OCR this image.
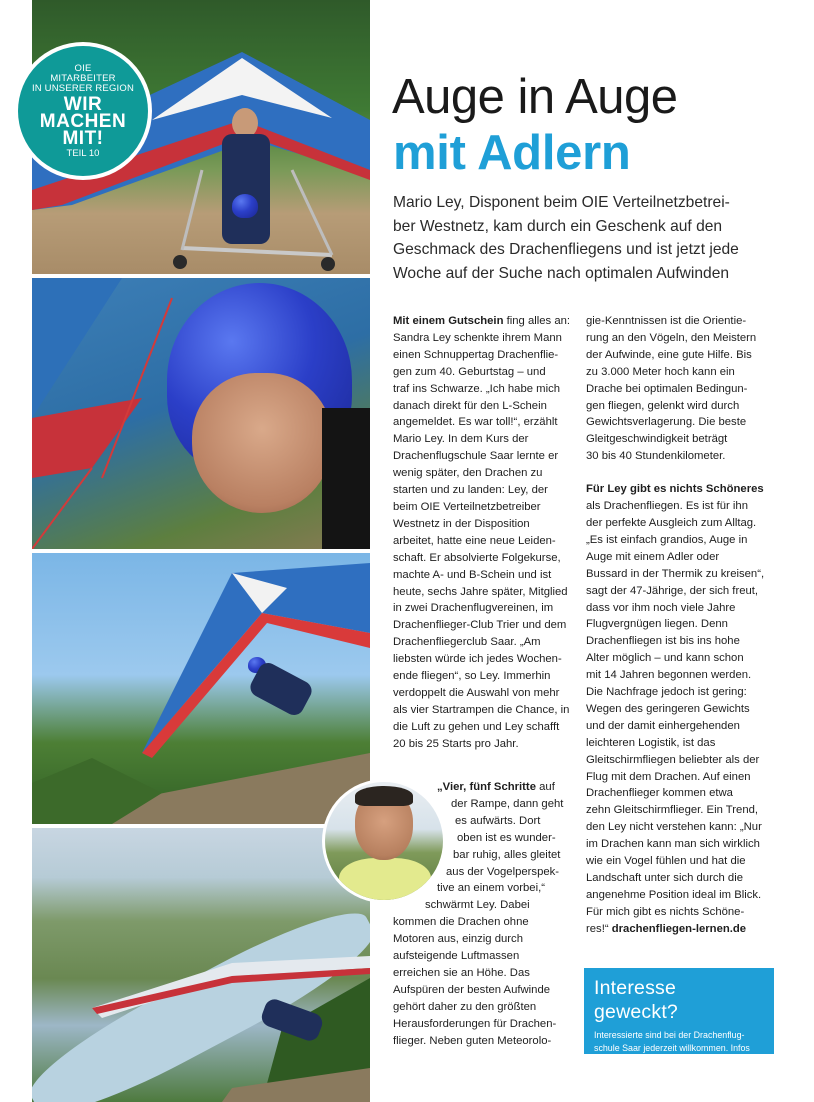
OIE
MITARBEITER
IN UNSERER REGION
WIR
MACHEN
MIT!
TEIL 10
Auge in Auge
mit Adlern
Mario Ley, Disponent beim OIE Verteilnetzbetrei-
ber Westnetz, kam durch ein Geschenk auf den
Geschmack des Drachenfliegens und ist jetzt jede
Woche auf der Suche nach optimalen Aufwinden

Mit einem Gutschein fing alles an:

Sandra Ley schenkte ihrem Mann

einen Schnuppertag Drachenflie-

gen zum 40. Geburtstag – und

traf ins Schwarze. „Ich habe mich

danach direkt für den L-Schein

angemeldet. Es war toll!“, erzählt

Mario Ley. In dem Kurs der

Drachenflugschule Saar lernte er

wenig später, den Drachen zu

starten und zu landen: Ley, der

beim OIE Verteilnetzbetreiber

Westnetz in der Disposition

arbeitet, hatte eine neue Leiden-

schaft. Er absolvierte Folgekurse,

machte A- und B-Schein und ist

heute, sechs Jahre später, Mitglied

in zwei Drachenflugvereinen, im

Drachenflieger-Club Trier und dem

Drachenfliegerclub Saar. „Am

liebsten würde ich jedes Wochen-

ende fliegen“, so Ley. Immerhin

verdoppelt die Auswahl von mehr

als vier Startrampen die Chance, in

die Luft zu gehen und Ley schafft

20 bis 25 Starts pro Jahr.

„Vier, fünf Schritte auf

der Rampe, dann geht

es aufwärts. Dort

oben ist es wunder-

bar ruhig, alles gleitet

aus der Vogelperspek-

tive an einem vorbei,“

schwärmt Ley. Dabei

kommen die Drachen ohne

Motoren aus, einzig durch

aufsteigende Luftmassen

erreichen sie an Höhe. Das

Aufspüren der besten Aufwinde

gehört daher zu den größten

Herausforderungen für Drachen-

flieger. Neben guten Meteorolo-

gie-Kenntnissen ist die Orientie-

rung an den Vögeln, den Meistern

der Aufwinde, eine gute Hilfe. Bis

zu 3.000 Meter hoch kann ein

Drache bei optimalen Bedingun-

gen fliegen, gelenkt wird durch

Gewichtsverlagerung. Die beste

Gleitgeschwindigkeit beträgt

30 bis 40 Stundenkilometer.

Für Ley gibt es nichts Schöneres

als Drachenfliegen. Es ist für ihn

der perfekte Ausgleich zum Alltag.

„Es ist einfach grandios, Auge in

Auge mit einem Adler oder

Bussard in der Thermik zu kreisen“,

sagt der 47-Jährige, der sich freut,

dass vor ihm noch viele Jahre

Flugvergnügen liegen. Denn

Drachenfliegen ist bis ins hohe

Alter möglich – und kann schon

mit 14 Jahren begonnen werden.

Die Nachfrage jedoch ist gering:

Wegen des geringeren Gewichts

und der damit einhergehenden

leichteren Logistik, ist das

Gleitschirmfliegen beliebter als der

Flug mit dem Drachen. Auf einen

Drachenflieger kommen etwa

zehn Gleitschirmflieger. Ein Trend,

den Ley nicht verstehen kann: „Nur

im Drachen kann man sich wirklich

wie ein Vogel fühlen und hat die

Landschaft unter sich durch die

angenehme Position ideal im Blick.

Für mich gibt es nichts Schöne-

res!“ drachenfliegen-lernen.de

Interesse geweckt?
Interessierte sind bei der Drachenflug-
schule Saar jederzeit willkommen. Infos
online oder unter Tel. 06871/48 59.
